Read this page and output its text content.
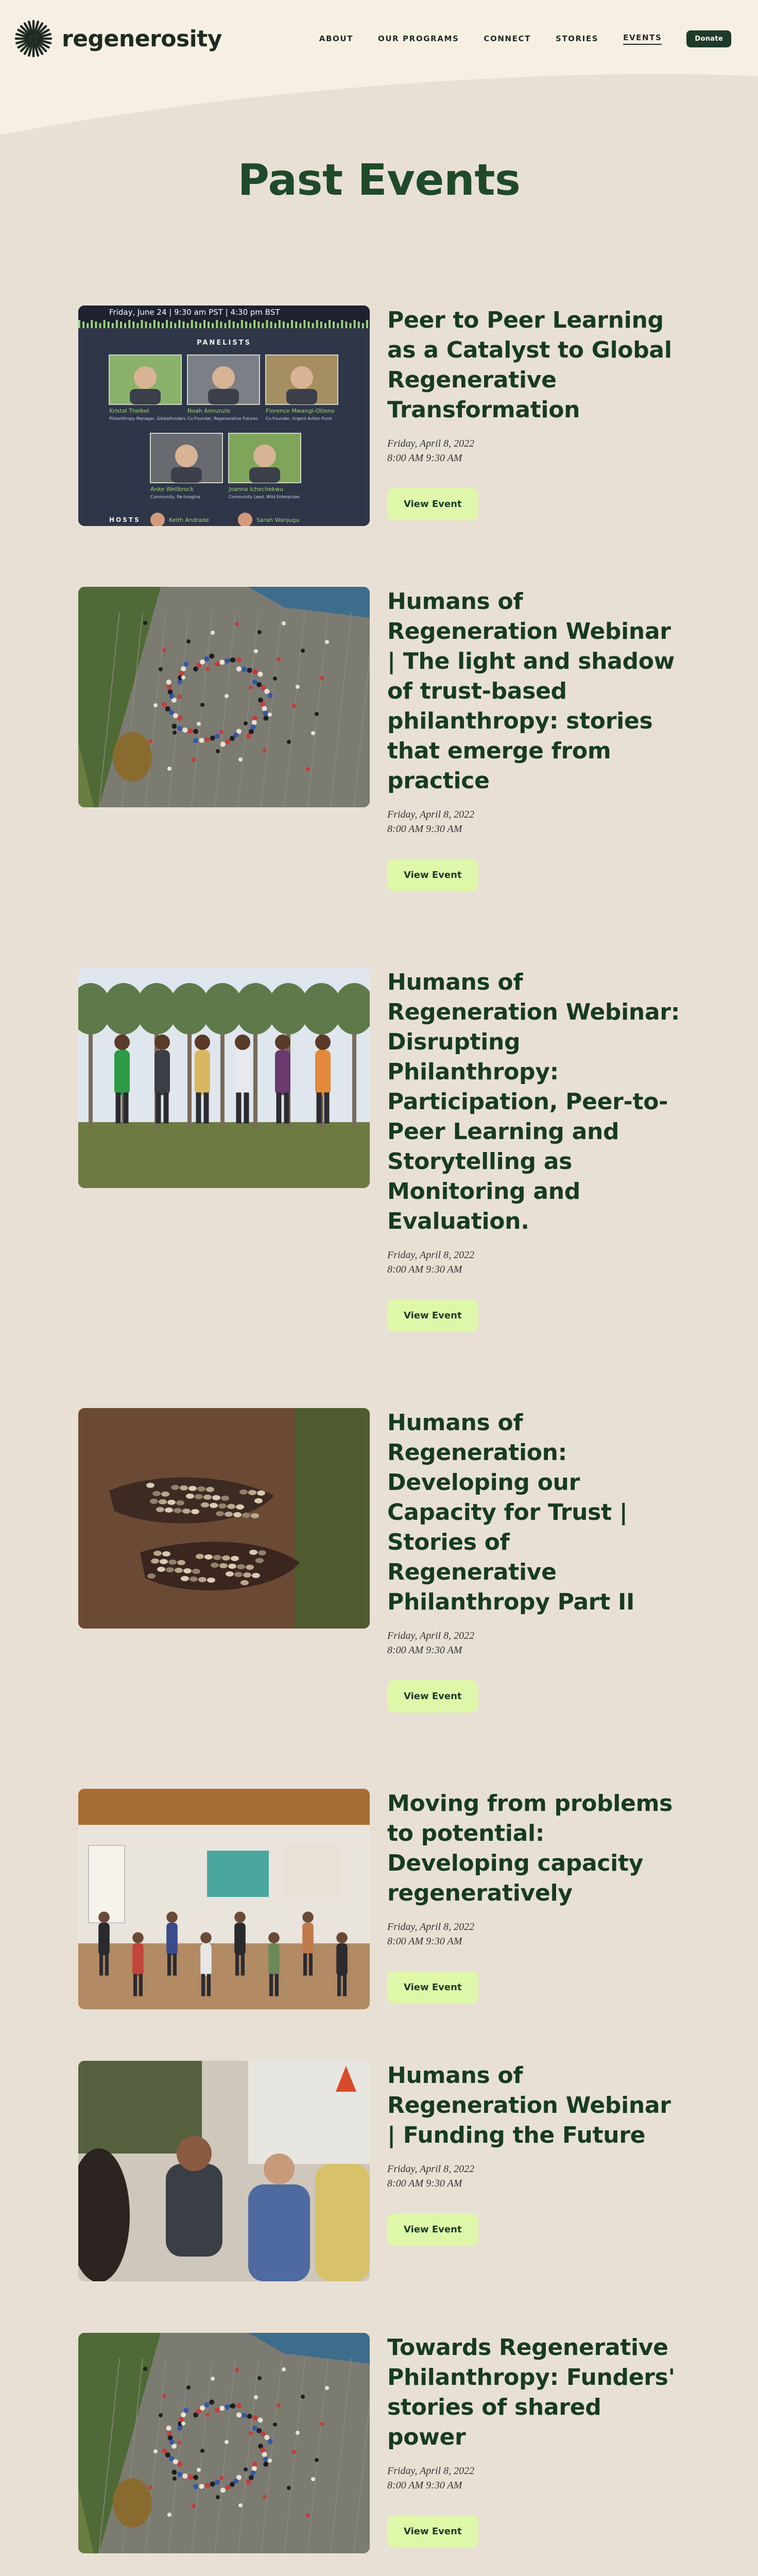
regenerosity	ABOUT	OUR PROGRAMS	CONNECT	STORIES	EVENTS	Donate
Past Events
Friday, June 24 | 9:30 am PST | 4:30 pm BST
PANELISTS
Kristal Thelkel
Philanthropy Manager, Globalfunders
Noah Annunzio
Co-Founder, Regenerative Futures
Florence Mwangi-Otieno
Co-Founder, Urgent Action Fund
Anke Wellbrock
Community, Re-Imagine
Joanna Ichechekwu
Community Lead, Wild Enterprises
HOSTS	Keith Andrade	Sarah Wanjugu
Peer to Peer Learning as a Catalyst to Global Regenerative Transformation

Friday, April 8, 2022

8:00 AM 9:30 AM

View Event
Humans of Regeneration Webinar | The light and shadow of trust-based philanthropy: stories that emerge from practice

Friday, April 8, 2022

8:00 AM 9:30 AM

View Event
Humans of Regeneration Webinar: Disrupting Philanthropy: Participation, Peer-to-Peer Learning and Storytelling as Monitoring and Evaluation.

Friday, April 8, 2022

8:00 AM 9:30 AM

View Event
Humans of Regeneration: Developing our Capacity for Trust | Stories of Regenerative Philanthropy Part II

Friday, April 8, 2022

8:00 AM 9:30 AM

View Event
Moving from problems to potential: Developing capacity regeneratively

Friday, April 8, 2022

8:00 AM 9:30 AM

View Event
Humans of Regeneration Webinar | Funding the Future

Friday, April 8, 2022

8:00 AM 9:30 AM

View Event
Towards Regenerative Philanthropy: Funders' stories of shared power

Friday, April 8, 2022

8:00 AM 9:30 AM

View Event
